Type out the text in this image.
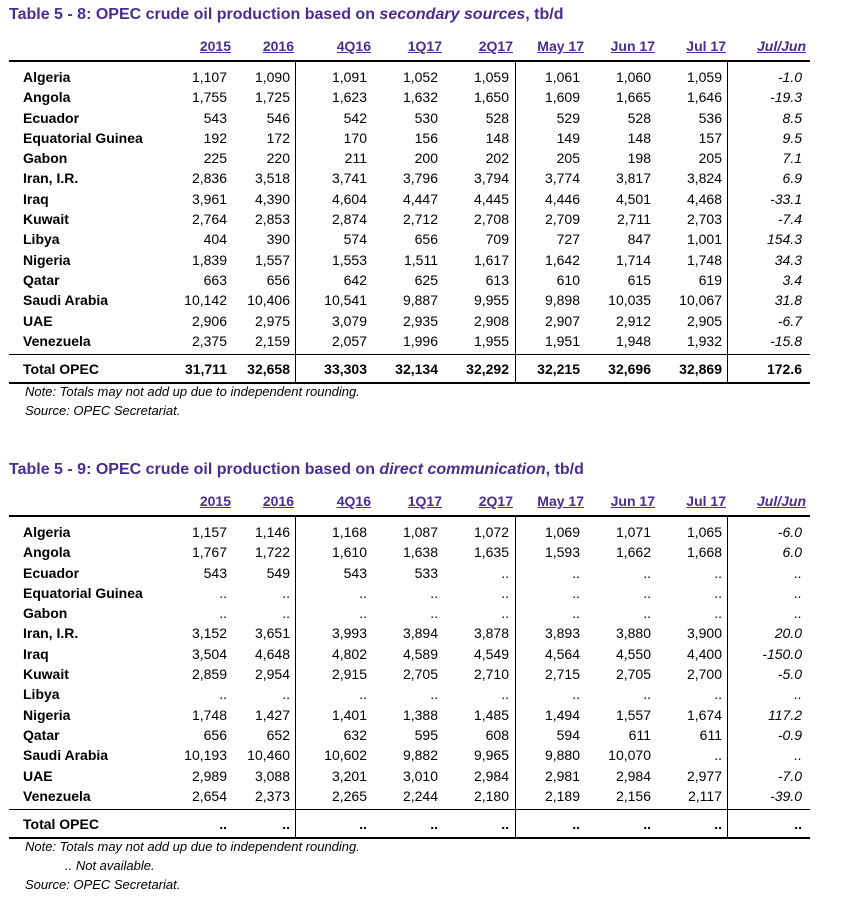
Table 5 - 8: OPEC crude oil production based on secondary sources, tb/d
2015	2016	4Q16	1Q17	2Q17	May 17	Jun 17	Jul 17	Jul/Jun
Algeria	1,107	1,090	1,091	1,052	1,059	1,061	1,060	1,059	-1.0
Angola	1,755	1,725	1,623	1,632	1,650	1,609	1,665	1,646	-19.3
Ecuador	543	546	542	530	528	529	528	536	8.5
Equatorial Guinea	192	172	170	156	148	149	148	157	9.5
Gabon	225	220	211	200	202	205	198	205	7.1
Iran, I.R.	2,836	3,518	3,741	3,796	3,794	3,774	3,817	3,824	6.9
Iraq	3,961	4,390	4,604	4,447	4,445	4,446	4,501	4,468	-33.1
Kuwait	2,764	2,853	2,874	2,712	2,708	2,709	2,711	2,703	-7.4
Libya	404	390	574	656	709	727	847	1,001	154.3
Nigeria	1,839	1,557	1,553	1,511	1,617	1,642	1,714	1,748	34.3
Qatar	663	656	642	625	613	610	615	619	3.4
Saudi Arabia	10,142	10,406	10,541	9,887	9,955	9,898	10,035	10,067	31.8
UAE	2,906	2,975	3,079	2,935	2,908	2,907	2,912	2,905	-6.7
Venezuela	2,375	2,159	2,057	1,996	1,955	1,951	1,948	1,932	-15.8
Total OPEC	31,711	32,658	33,303	32,134	32,292	32,215	32,696	32,869	172.6
Note: Totals may not add up due to independent rounding.
Source: OPEC Secretariat.
Table 5 - 9: OPEC crude oil production based on direct communication, tb/d
2015	2016	4Q16	1Q17	2Q17	May 17	Jun 17	Jul 17	Jul/Jun
Algeria	1,157	1,146	1,168	1,087	1,072	1,069	1,071	1,065	-6.0
Angola	1,767	1,722	1,610	1,638	1,635	1,593	1,662	1,668	6.0
Ecuador	543	549	543	533	..	..	..	..	..
Equatorial Guinea	..	..	..	..	..	..	..	..	..
Gabon	..	..	..	..	..	..	..	..	..
Iran, I.R.	3,152	3,651	3,993	3,894	3,878	3,893	3,880	3,900	20.0
Iraq	3,504	4,648	4,802	4,589	4,549	4,564	4,550	4,400	-150.0
Kuwait	2,859	2,954	2,915	2,705	2,710	2,715	2,705	2,700	-5.0
Libya	..	..	..	..	..	..	..	..	..
Nigeria	1,748	1,427	1,401	1,388	1,485	1,494	1,557	1,674	117.2
Qatar	656	652	632	595	608	594	611	611	-0.9
Saudi Arabia	10,193	10,460	10,602	9,882	9,965	9,880	10,070	..	..
UAE	2,989	3,088	3,201	3,010	2,984	2,981	2,984	2,977	-7.0
Venezuela	2,654	2,373	2,265	2,244	2,180	2,189	2,156	2,117	-39.0
Total OPEC	..	..	..	..	..	..	..	..	..
Note: Totals may not add up due to independent rounding.
.. Not available.
Source: OPEC Secretariat.
